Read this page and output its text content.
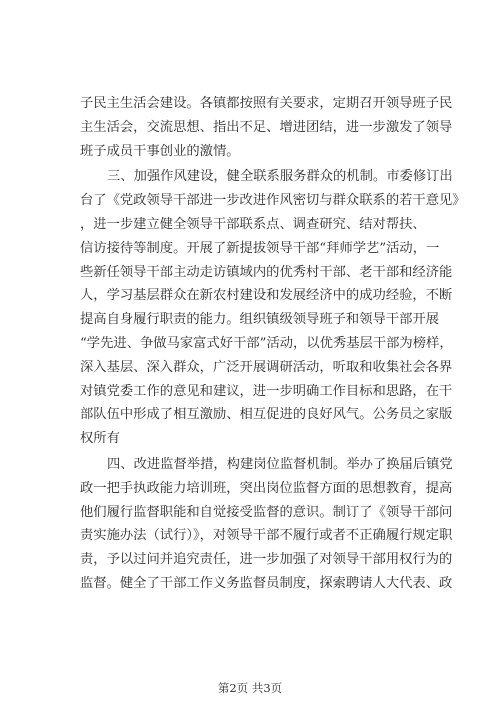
子民主生活会建设。各镇都按照有关要求，定期召开领导班子民
主生活会，交流思想、指出不足、增进团结，进一步激发了领导
班子成员干事创业的激情。
三、加强作风建设，健全联系服务群众的机制。市委修订出
台了《党政领导干部进一步改进作风密切与群众联系的若干意见》
，进一步建立健全领导干部联系点、调查研究、结对帮扶、
信访接待等制度。开展了新提拔领导干部“拜师学艺”活动，一
些新任领导干部主动走访镇域内的优秀村干部、老干部和经济能
人，学习基层群众在新农村建设和发展经济中的成功经验，不断
提高自身履行职责的能力。组织镇级领导班子和领导干部开展
“学先进、争做马家富式好干部”活动，以优秀基层干部为榜样，
深入基层、深入群众，广泛开展调研活动，听取和收集社会各界
对镇党委工作的意见和建议，进一步明确工作目标和思路，在干
部队伍中形成了相互激励、相互促进的良好风气。公务员之家版
权所有
四、改进监督举措，构建岗位监督机制。举办了换届后镇党
政一把手执政能力培训班，突出岗位监督方面的思想教育，提高
他们履行监督职能和自觉接受监督的意识。制订了《领导干部问
责实施办法（试行）》，对领导干部不履行或者不正确履行规定职
责，予以过问并追究责任，进一步加强了对领导干部用权行为的
监督。健全了干部工作义务监督员制度，探索聘请人大代表、政
第2页 共3页
